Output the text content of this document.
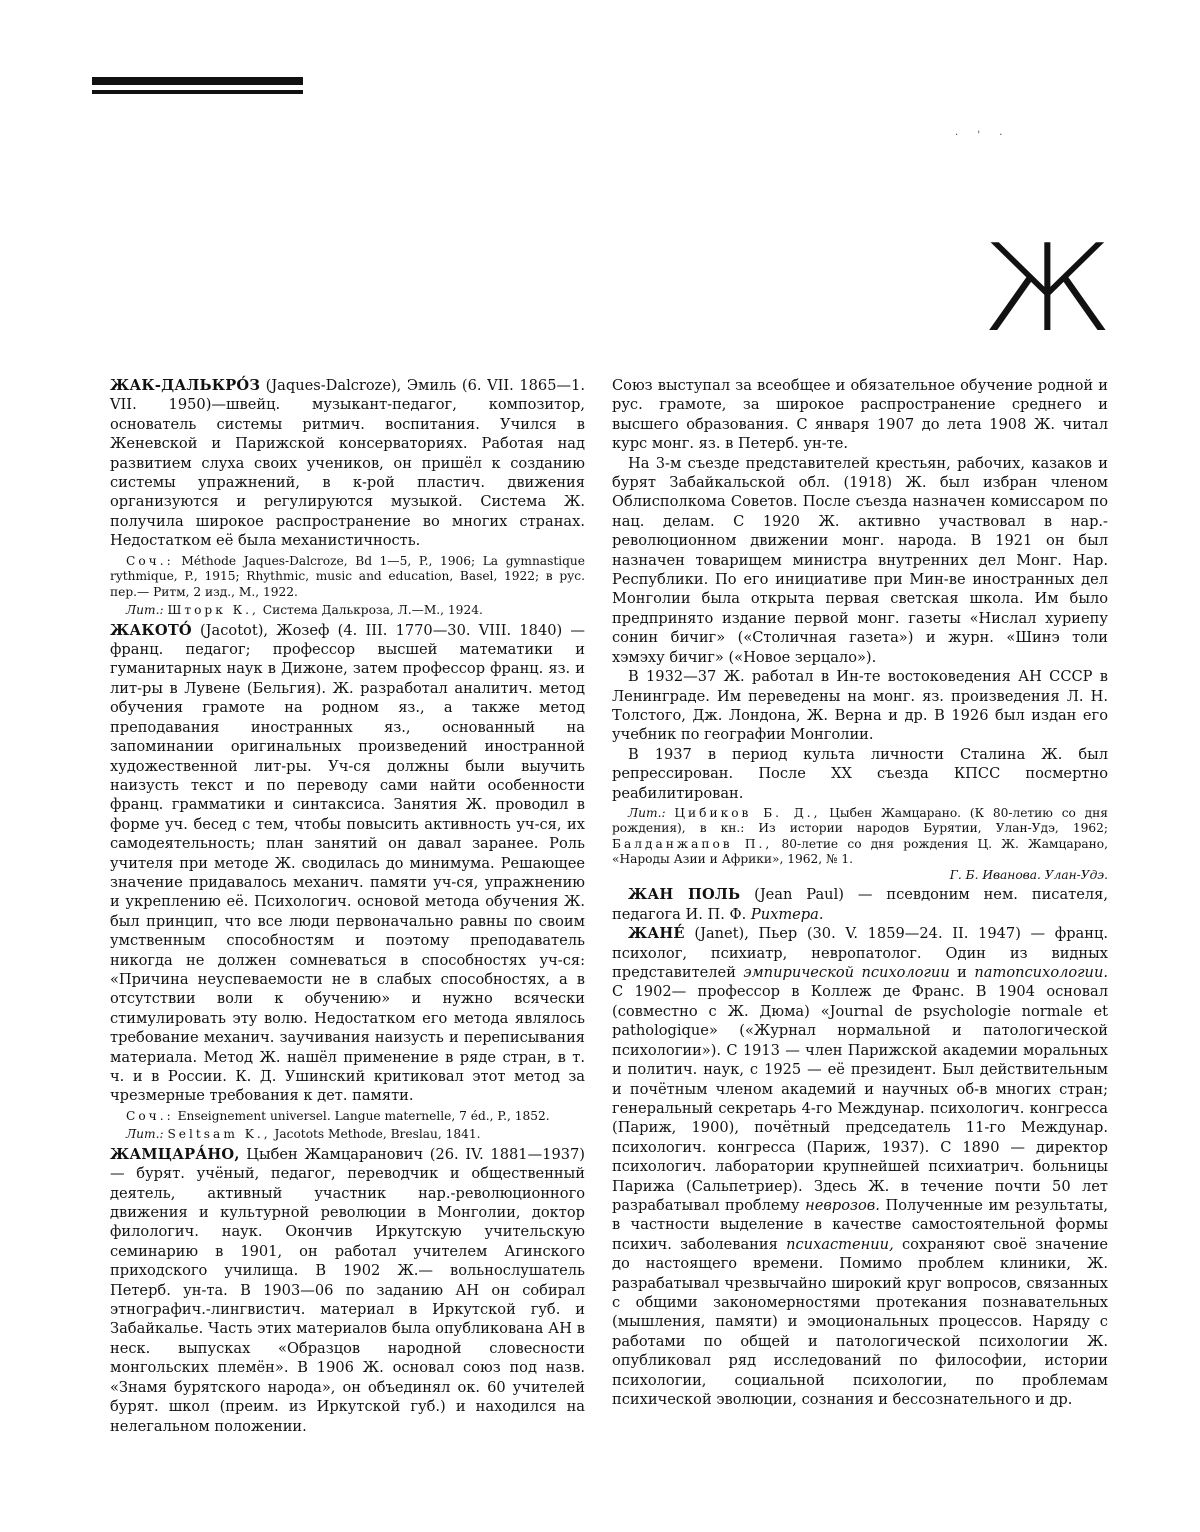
· ' ·
Ж

ЖАК-ДАЛЬКРО́З (Jaques-Dalcroze), Эмиль (6. VII. 1865—1. VII. 1950)—швейц. музыкант-педагог, композитор, основатель системы ритмич. воспитания. Учился в Женевской и Парижской консерваториях. Работая над развитием слуха своих учеников, он пришёл к созданию системы упражнений, в к-рой пластич. движения организуются и регулируются музыкой. Система Ж. получила широкое распространение во многих странах. Недостатком её была механистичность.

Соч.: Méthode Jaques-Dalcroze, Bd 1—5, P., 1906; La gymnastique rythmique, P., 1915; Rhythmic, music and education, Basel, 1922; в рус. пер.— Ритм, 2 изд., М., 1922.

Лит.: Шторк К., Система Далькроза, Л.—М., 1924.

ЖАКОТО́ (Jacotot), Жозеф (4. III. 1770—30. VIII. 1840) — франц. педагог; профессор высшей математики и гуманитарных наук в Дижоне, затем профессор франц. яз. и лит-ры в Лувене (Бельгия). Ж. разработал аналитич. метод обучения грамоте на родном яз., а также метод преподавания иностранных яз., основанный на запоминании оригинальных произведений иностранной художественной лит-ры. Уч-ся должны были выучить наизусть текст и по переводу сами найти особенности франц. грамматики и синтаксиса. Занятия Ж. проводил в форме уч. бесед с тем, чтобы повысить активность уч-ся, их самодеятельность; план занятий он давал заранее. Роль учителя при методе Ж. сводилась до минимума. Решающее значение придавалось механич. памяти уч-ся, упражнению и укреплению её. Психологич. основой метода обучения Ж. был принцип, что все люди первоначально равны по своим умственным способностям и поэтому преподаватель никогда не должен сомневаться в способностях уч-ся: «Причина неуспеваемости не в слабых способностях, а в отсутствии воли к обучению» и нужно всячески стимулировать эту волю. Недостатком его метода являлось требование механич. заучивания наизусть и переписывания материала. Метод Ж. нашёл применение в ряде стран, в т. ч. и в России. К. Д. Ушинский критиковал этот метод за чрезмерные требования к дет. памяти.

Соч.: Enseignement universel. Langue maternelle, 7 éd., P., 1852.

Лит.: Seltsam K., Jacotots Methode, Breslau, 1841.

ЖАМЦАРА́НО, Цыбен Жамцаранович (26. IV. 1881—1937) — бурят. учёный, педагог, переводчик и общественный деятель, активный участник нар.-революционного движения и культурной революции в Монголии, доктор филологич. наук. Окончив Иркутскую учительскую семинарию в 1901, он работал учителем Агинского приходского училища. В 1902 Ж.— вольнослушатель Петерб. ун-та. В 1903—06 по заданию АН он собирал этнографич.-лингвистич. материал в Иркутской губ. и Забайкалье. Часть этих материалов была опубликована АН в неск. выпусках «Образцов народной словесности монгольских племён». В 1906 Ж. основал союз под назв. «Знамя бурятского народа», он объединял ок. 60 учителей бурят. школ (преим. из Иркутской губ.) и находился на нелегальном положении.

Союз выступал за всеобщее и обязательное обучение родной и рус. грамоте, за широкое распространение среднего и высшего образования. С января 1907 до лета 1908 Ж. читал курс монг. яз. в Петерб. ун-те.

На 3-м съезде представителей крестьян, рабочих, казаков и бурят Забайкальской обл. (1918) Ж. был избран членом Облисполкома Советов. После съезда назначен комиссаром по нац. делам. С 1920 Ж. активно участвовал в нар.-революционном движении монг. народа. В 1921 он был назначен товарищем министра внутренних дел Монг. Нар. Республики. По его инициативе при Мин-ве иностранных дел Монголии была открыта первая светская школа. Им было предпринято издание первой монг. газеты «Нислал хуриепу сонин бичиг» («Столичная газета») и журн. «Шинэ толи хэмэху бичиг» («Новое зерцало»).

В 1932—37 Ж. работал в Ин-те востоковедения АН СССР в Ленинграде. Им переведены на монг. яз. произведения Л. Н. Толстого, Дж. Лондона, Ж. Верна и др. В 1926 был издан его учебник по географии Монголии.

В 1937 в период культа личности Сталина Ж. был репрессирован. После XX съезда КПСС посмертно реабилитирован.

Лит.: Цибиков Б. Д., Цыбен Жамцарано. (К 80-летию со дня рождения), в кн.: Из истории народов Бурятии, Улан-Удэ, 1962; Балданжапов П., 80-летие со дня рождения Ц. Ж. Жамцарано, «Народы Азии и Африки», 1962, № 1.
Г. Б. Иванова. Улан-Удэ.

ЖАН ПОЛЬ (Jean Paul) — псевдоним нем. писателя, педагога И. П. Ф. Рихтера.

ЖАНЕ́ (Janet), Пьер (30. V. 1859—24. II. 1947) — франц. психолог, психиатр, невропатолог. Один из видных представителей эмпирической психологии и патопсихологии. С 1902— профессор в Коллеж де Франс. В 1904 основал (совместно с Ж. Дюма) «Journal de psychologie normale et pathologique» («Журнал нормальной и патологической психологии»). С 1913 — член Парижской академии моральных и политич. наук, с 1925 — её президент. Был действительным и почётным членом академий и научных об-в многих стран; генеральный секретарь 4-го Междунар. психологич. конгресса (Париж, 1900), почётный председатель 11-го Междунар. психологич. конгресса (Париж, 1937). С 1890 — директор психологич. лаборатории крупнейшей психиатрич. больницы Парижа (Сальпетриер). Здесь Ж. в течение почти 50 лет разрабатывал проблему неврозов. Полученные им результаты, в частности выделение в качестве самостоятельной формы психич. заболевания психастении, сохраняют своё значение до настоящего времени. Помимо проблем клиники, Ж. разрабатывал чрезвычайно широкий круг вопросов, связанных с общими закономерностями протекания познавательных (мышления, памяти) и эмоциональных процессов. Наряду с работами по общей и патологической психологии Ж. опубликовал ряд исследований по философии, истории психологии, социальной психологии, по проблемам психической эволюции, сознания и бессознательного и др.
